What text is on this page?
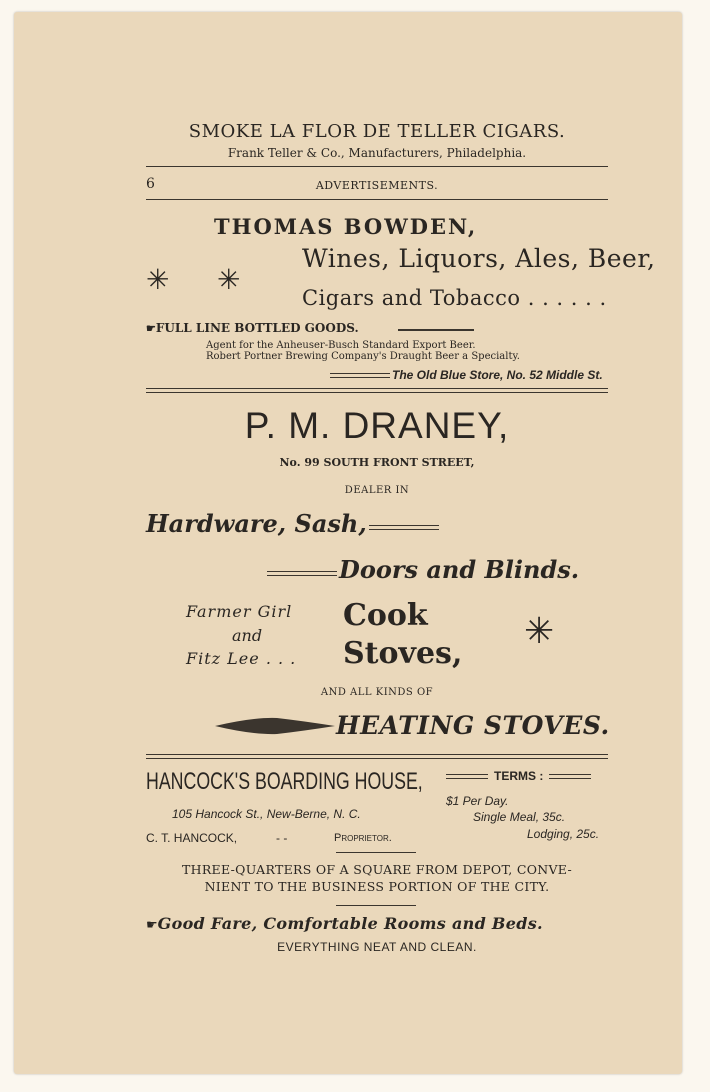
SMOKE LA FLOR DE TELLER CIGARS.
Frank Teller & Co., Manufacturers, Philadelphia.
6	ADVERTISEMENTS.
THOMAS BOWDEN,
Wines, Liquors, Ales, Beer,
Cigars and Tobacco . . . . . .
✳ ✳
☛FULL LINE BOTTLED GOODS.
Agent for the Anheuser-Busch Standard Export Beer.
Robert Portner Brewing Company's Draught Beer a Specialty.
The Old Blue Store, No. 52 Middle St.
P. M. DRANEY,
No. 99 SOUTH FRONT STREET,
DEALER IN
Hardware, Sash,
Doors and Blinds.
Farmer Girl
and
Fitz Lee . . .
Cook
Stoves,
✳
AND ALL KINDS OF
HEATING STOVES.
HANCOCK'S BOARDING HOUSE,
105 Hancock St., New-Berne, N. C.
C. T. HANCOCK,	- -	Proprietor.
TERMS :
$1 Per Day.
Single Meal, 35c.
Lodging, 25c.
THREE-QUARTERS OF A SQUARE FROM DEPOT, CONVE-
NIENT TO THE BUSINESS PORTION OF THE CITY.
☛Good Fare, Comfortable Rooms and Beds.
EVERYTHING NEAT AND CLEAN.
